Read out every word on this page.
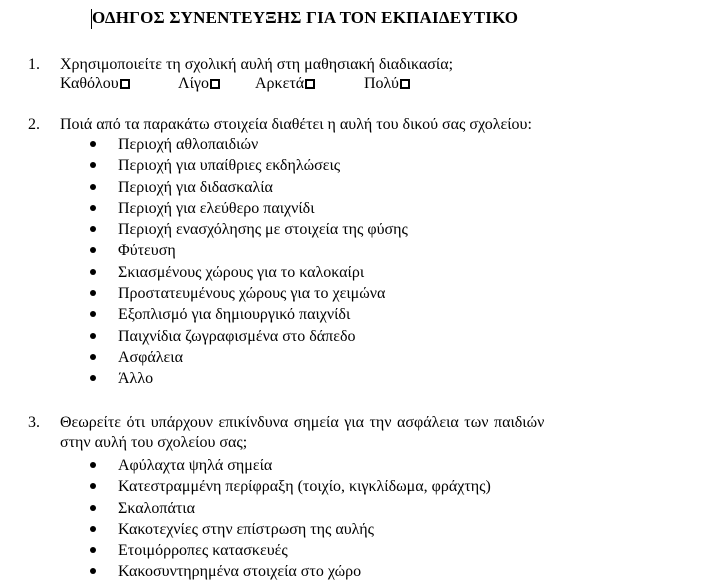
ΟΔΗΓΟΣ ΣΥΝΕΝΤΕΥΞΗΣ ΓΙΑ ΤΟΝ ΕΚΠΑΙΔΕΥΤΙΚΟ
1. Χρησιμοποιείτε τη σχολική αυλή στη μαθησιακή διαδικασία;
Καθόλου	Λίγο	Αρκετά	Πολύ
2. Ποιά από τα παρακάτω στοιχεία διαθέτει η αυλή του δικού σας σχολείου:
Περιοχή αθλοπαιδιών
Περιοχή για υπαίθριες εκδηλώσεις
Περιοχή για διδασκαλία
Περιοχή για ελεύθερο παιχνίδι
Περιοχή ενασχόλησης με στοιχεία της φύσης
Φύτευση
Σκιασμένους χώρους για το καλοκαίρι
Προστατευμένους χώρους για το χειμώνα
Εξοπλισμό για δημιουργικό παιχνίδι
Παιχνίδια ζωγραφισμένα στο δάπεδο
Ασφάλεια
Άλλο
3. Θεωρείτε ότι υπάρχουν επικίνδυνα σημεία για την ασφάλεια των παιδιών
στην αυλή του σχολείου σας;
Αφύλαχτα ψηλά σημεία
Κατεστραμμένη περίφραξη (τοιχίο, κιγκλίδωμα, φράχτης)
Σκαλοπάτια
Κακοτεχνίες στην επίστρωση της αυλής
Ετοιμόρροπες κατασκευές
Κακοσυντηρημένα στοιχεία στο χώρο
